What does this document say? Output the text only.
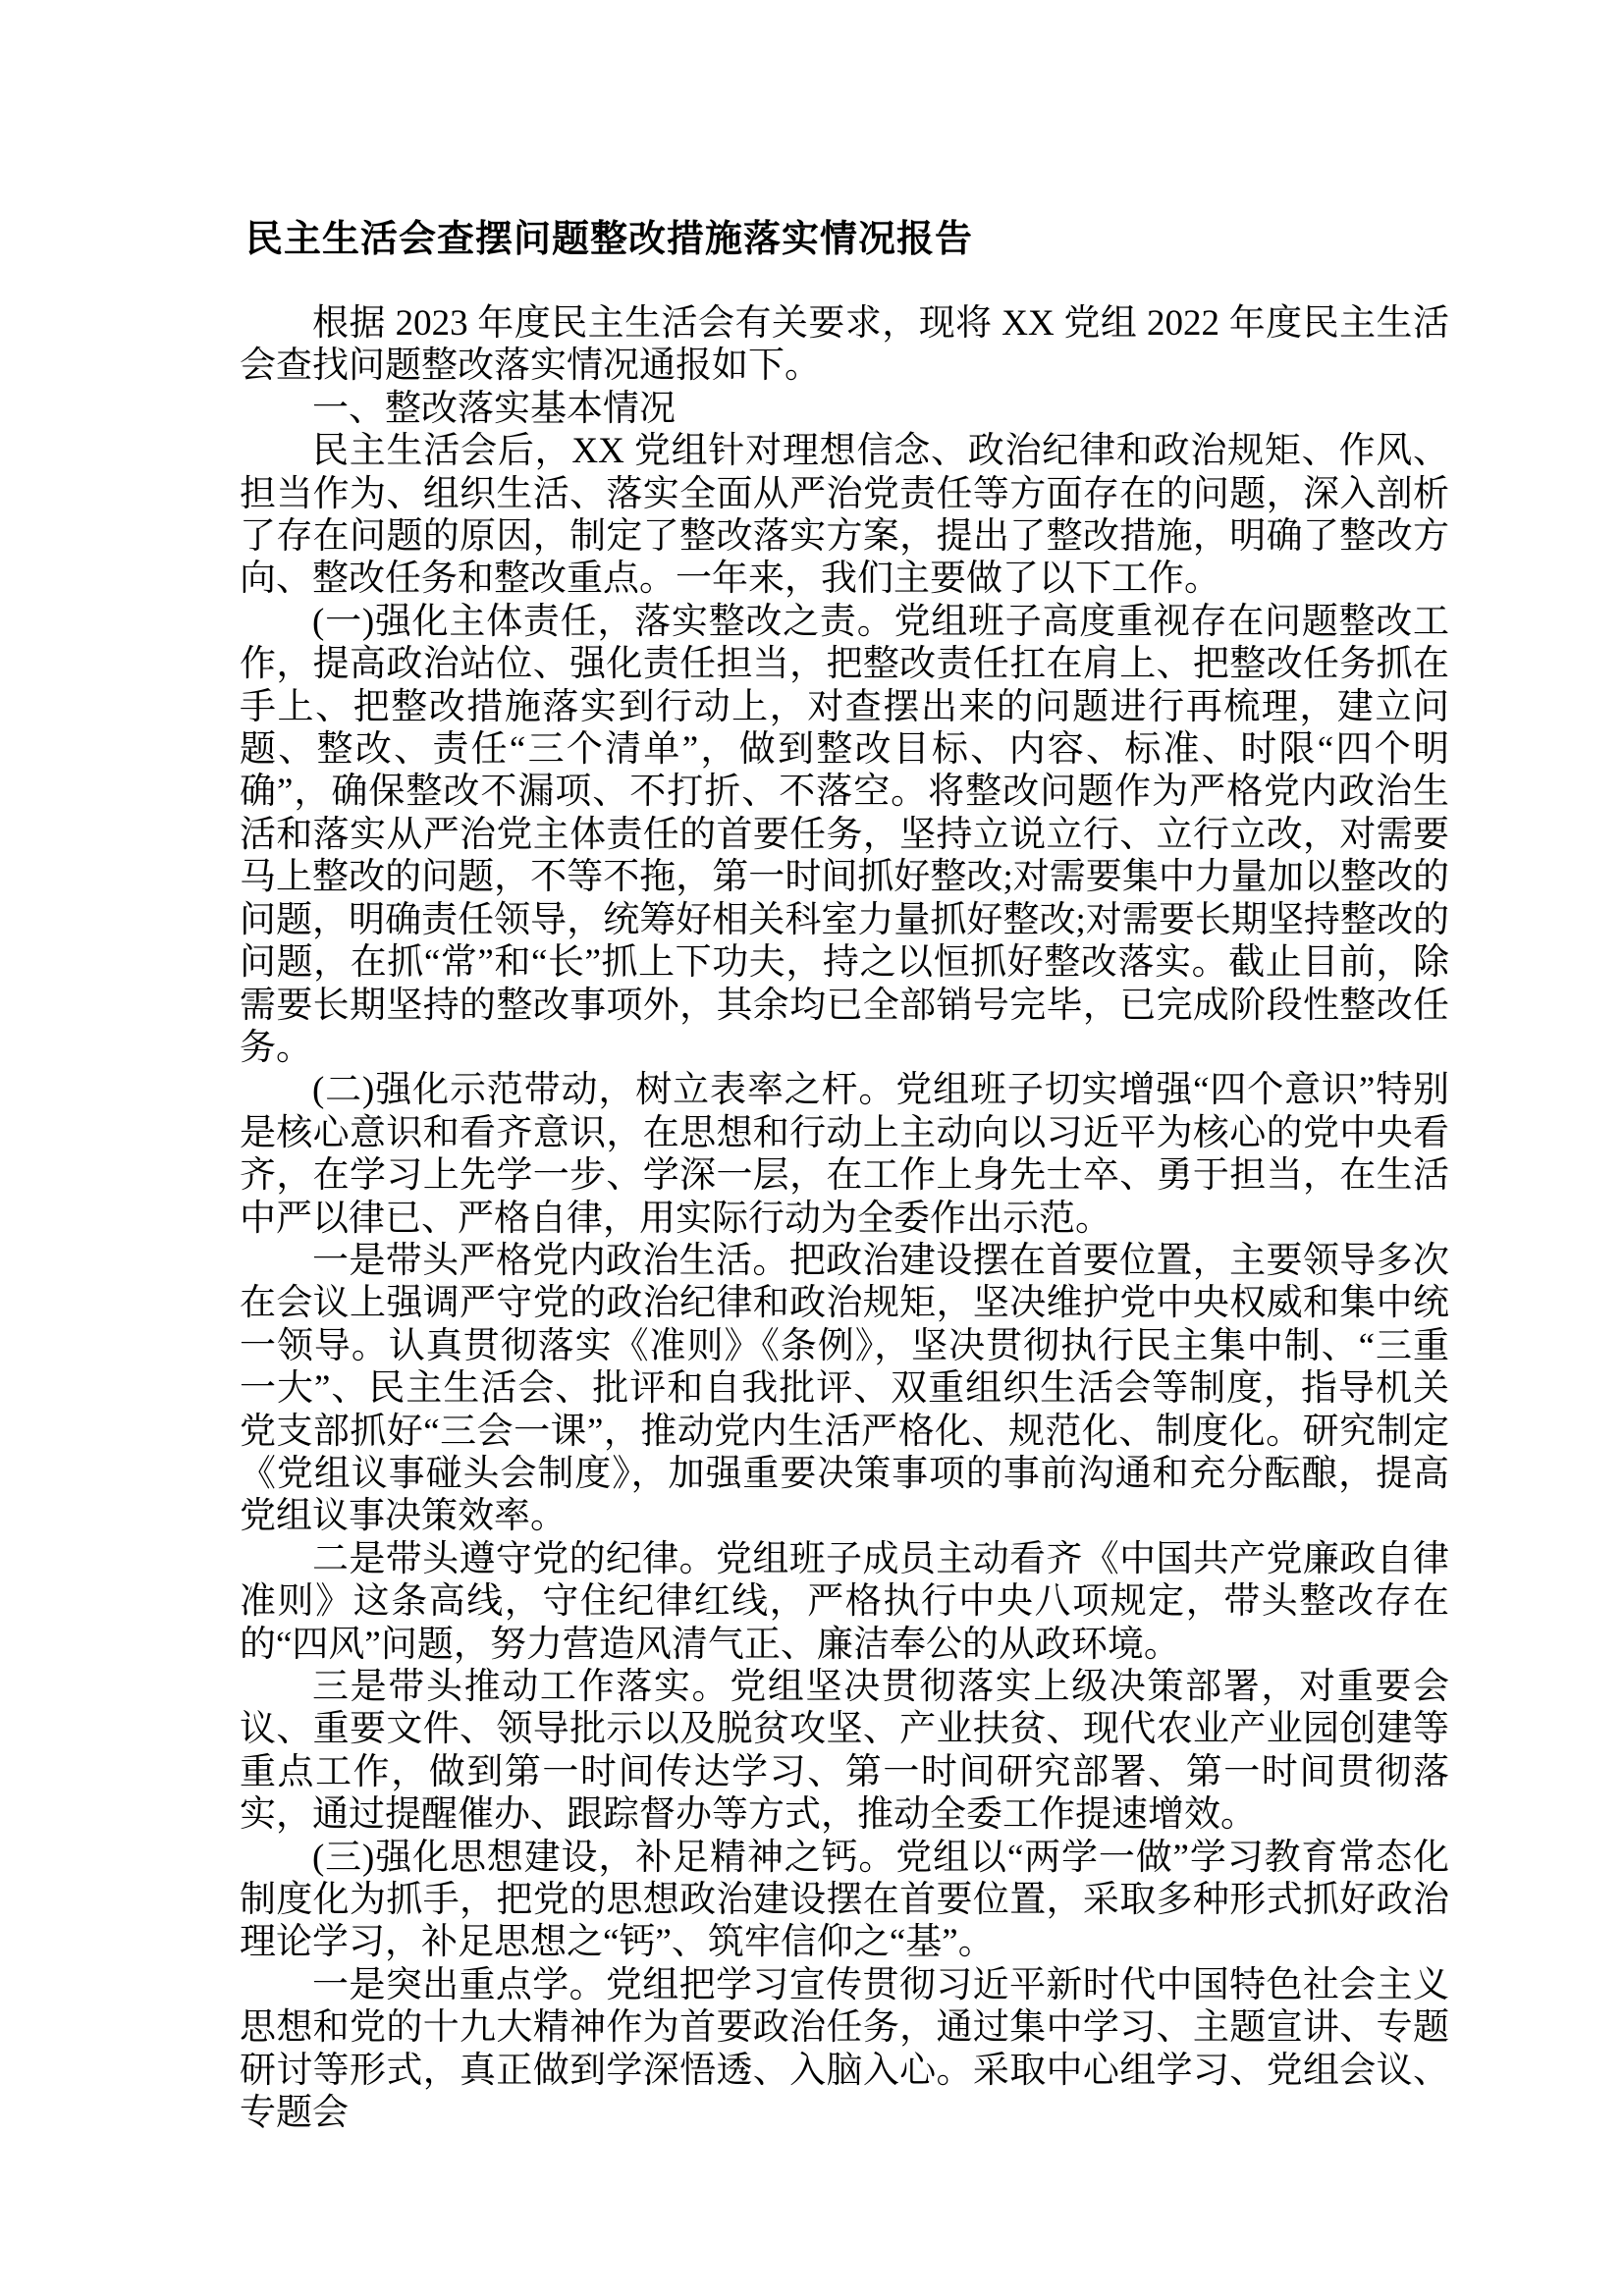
民主生活会查摆问题整改措施落实情况报告

根据 2023 年度民主生活会有关要求，现将 XX 党组 2022 年度民主生活会查找问题整改落实情况通报如下。

一、整改落实基本情况

民主生活会后，XX 党组针对理想信念、政治纪律和政治规矩、作风、担当作为、组织生活、落实全面从严治党责任等方面存在的问题，深入剖析了存在问题的原因，制定了整改落实方案，提出了整改措施，明确了整改方向、整改任务和整改重点。一年来，我们主要做了以下工作。

(一)强化主体责任，落实整改之责。党组班子高度重视存在问题整改工作，提高政治站位、强化责任担当，把整改责任扛在肩上、把整改任务抓在手上、把整改措施落实到行动上，对查摆出来的问题进行再梳理，建立问题、整改、责任“三个清单”，做到整改目标、内容、标准、时限“四个明确”，确保整改不漏项、不打折、不落空。将整改问题作为严格党内政治生活和落实从严治党主体责任的首要任务，坚持立说立行、立行立改，对需要马上整改的问题，不等不拖，第一时间抓好整改;对需要集中力量加以整改的问题，明确责任领导，统筹好相关科室力量抓好整改;对需要长期坚持整改的问题，在抓“常”和“长”抓上下功夫，持之以恒抓好整改落实。截止目前，除需要长期坚持的整改事项外，其余均已全部销号完毕，已完成阶段性整改任务。

(二)强化示范带动，树立表率之杆。党组班子切实增强“四个意识”特别是核心意识和看齐意识，在思想和行动上主动向以习近平为核心的党中央看齐，在学习上先学一步、学深一层，在工作上身先士卒、勇于担当，在生活中严以律已、严格自律，用实际行动为全委作出示范。

一是带头严格党内政治生活。把政治建设摆在首要位置，主要领导多次在会议上强调严守党的政治纪律和政治规矩，坚决维护党中央权威和集中统一领导。认真贯彻落实《准则》《条例》，坚决贯彻执行民主集中制、“三重一大”、民主生活会、批评和自我批评、双重组织生活会等制度，指导机关党支部抓好“三会一课”，推动党内生活严格化、规范化、制度化。研究制定《党组议事碰头会制度》，加强重要决策事项的事前沟通和充分酝酿，提高党组议事决策效率。

二是带头遵守党的纪律。党组班子成员主动看齐《中国共产党廉政自律准则》这条高线，守住纪律红线，严格执行中央八项规定，带头整改存在的“四风”问题，努力营造风清气正、廉洁奉公的从政环境。

三是带头推动工作落实。党组坚决贯彻落实上级决策部署，对重要会议、重要文件、领导批示以及脱贫攻坚、产业扶贫、现代农业产业园创建等重点工作，做到第一时间传达学习、第一时间研究部署、第一时间贯彻落实，通过提醒催办、跟踪督办等方式，推动全委工作提速增效。

(三)强化思想建设，补足精神之钙。党组以“两学一做”学习教育常态化制度化为抓手，把党的思想政治建设摆在首要位置，采取多种形式抓好政治理论学习，补足思想之“钙”、筑牢信仰之“基”。

一是突出重点学。党组把学习宣传贯彻习近平新时代中国特色社会主义思想和党的十九大精神作为首要政治任务，通过集中学习、主题宣讲、专题研讨等形式，真正做到学深悟透、入脑入心。采取中心组学习、党组会议、专题会
